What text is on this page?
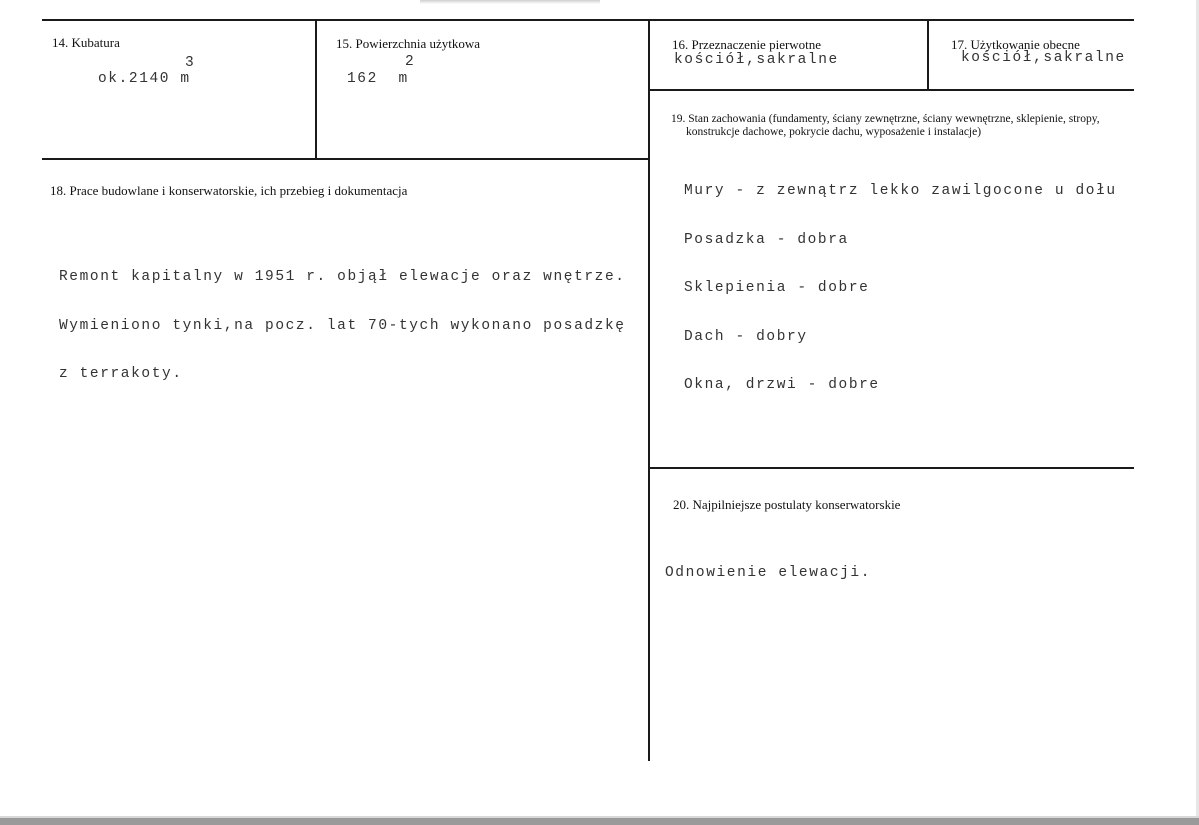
14. Kubatura
3
ok.2140 m
15. Powierzchnia użytkowa
2
162  m
16. Przeznaczenie pierwotne
kościół,sakralne
17. Użytkowanie obecne
kościół,sakralne
18. Prace budowlane i konserwatorskie, ich przebieg i dokumentacja

Remont kapitalny w 1951 r. objął elewacje oraz wnętrze.

Wymieniono tynki,na pocz. lat 70-tych wykonano posadzkę

z terrakoty.

19. Stan zachowania (fundamenty, ściany zewnętrzne, ściany wewnętrzne, sklepienie, stropy,
konstrukcje dachowe, pokrycie dachu, wyposażenie i instalacje)

Mury - z zewnątrz lekko zawilgocone u dołu

Posadzka - dobra

Sklepienia - dobre

Dach - dobry

Okna, drzwi - dobre

20. Najpilniejsze postulaty konserwatorskie
Odnowienie elewacji.
